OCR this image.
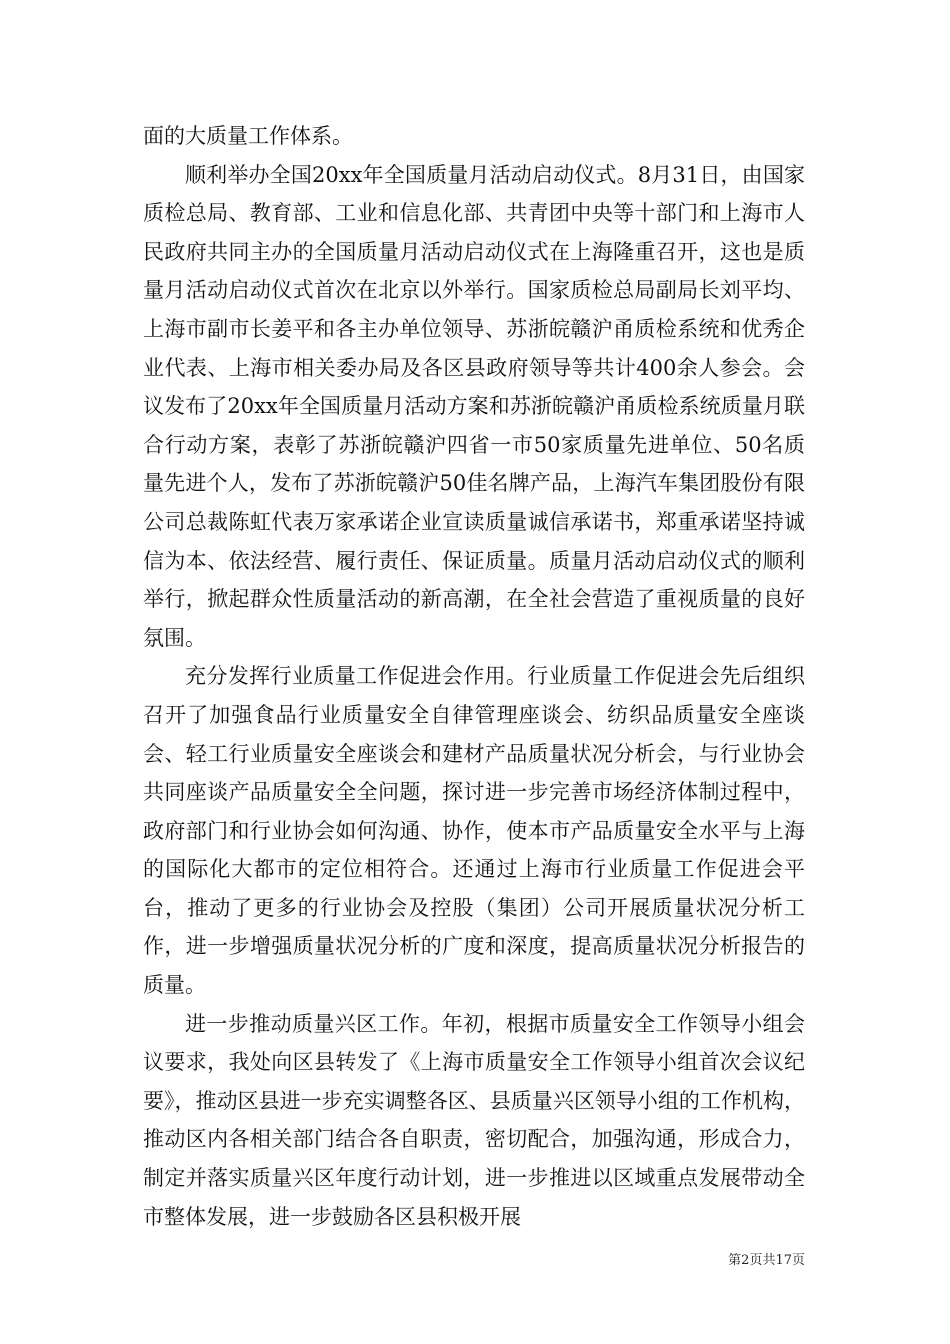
面的大质量工作体系。

顺利举办全国20xx年全国质量月活动启动仪式。8月31日，由国家质检总局、教育部、工业和信息化部、共青团中央等十部门和上海市人民政府共同主办的全国质量月活动启动仪式在上海隆重召开，这也是质量月活动启动仪式首次在北京以外举行。国家质检总局副局长刘平均、上海市副市长姜平和各主办单位领导、苏浙皖赣沪甬质检系统和优秀企业代表、上海市相关委办局及各区县政府领导等共计400余人参会。会议发布了20xx年全国质量月活动方案和苏浙皖赣沪甬质检系统质量月联合行动方案，表彰了苏浙皖赣沪四省一市50家质量先进单位、50名质量先进个人，发布了苏浙皖赣沪50佳名牌产品，上海汽车集团股份有限公司总裁陈虹代表万家承诺企业宣读质量诚信承诺书，郑重承诺坚持诚信为本、依法经营、履行责任、保证质量。质量月活动启动仪式的顺利举行，掀起群众性质量活动的新高潮，在全社会营造了重视质量的良好氛围。

充分发挥行业质量工作促进会作用。行业质量工作促进会先后组织召开了加强食品行业质量安全自律管理座谈会、纺织品质量安全座谈会、轻工行业质量安全座谈会和建材产品质量状况分析会，与行业协会共同座谈产品质量安全全问题，探讨进一步完善市场经济体制过程中，政府部门和行业协会如何沟通、协作，使本市产品质量安全水平与上海的国际化大都市的定位相符合。还通过上海市行业质量工作促进会平台，推动了更多的行业协会及控股（集团）公司开展质量状况分析工作，进一步增强质量状况分析的广度和深度，提高质量状况分析报告的质量。

进一步推动质量兴区工作。年初，根据市质量安全工作领导小组会议要求，我处向区县转发了《上海市质量安全工作领导小组首次会议纪要》，推动区县进一步充实调整各区、县质量兴区领导小组的工作机构，推动区内各相关部门结合各自职责，密切配合，加强沟通，形成合力，制定并落实质量兴区年度行动计划，进一步推进以区域重点发展带动全市整体发展，进一步鼓励各区县积极开展

第2页共17页
